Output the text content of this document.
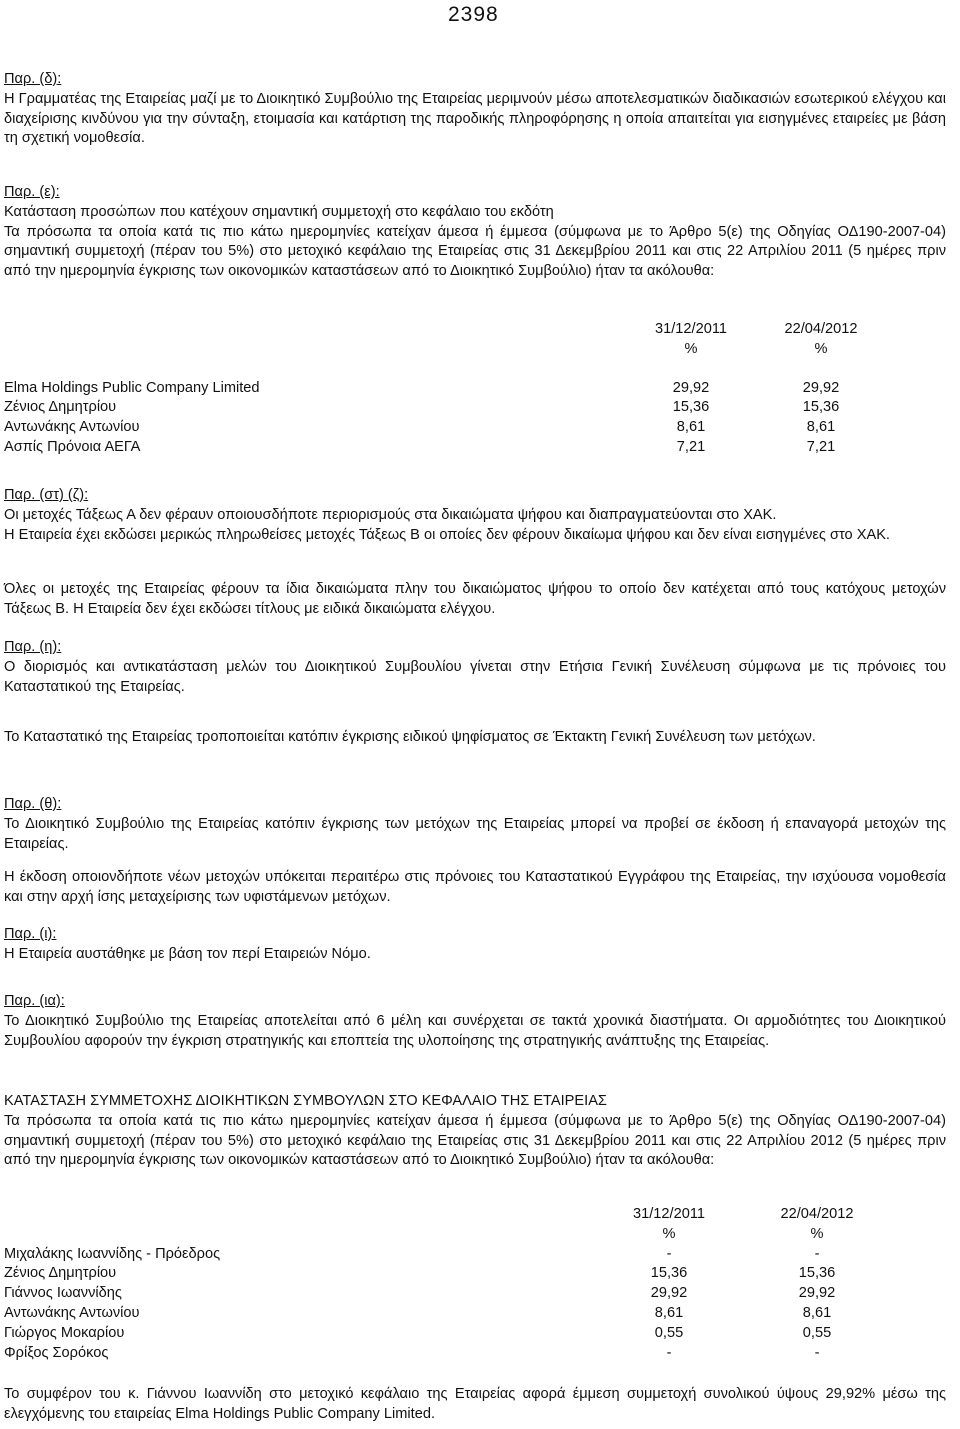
2398

Παρ. (δ):

Η Γραμματέας της Εταιρείας μαζί με το Διοικητικό Συμβούλιο της Εταιρείας μεριμνούν μέσω αποτελεσματικών διαδικασιών εσωτερικού ελέγχου και διαχείρισης κινδύνου για την σύνταξη, ετοιμασία και κατάρτιση της παροδικής πληροφόρησης η οποία απαιτείται για εισηγμένες εταιρείες με βάση τη σχετική νομοθεσία.

Παρ. (ε):

Κατάσταση προσώπων που κατέχουν σημαντική συμμετοχή στο κεφάλαιο του εκδότη

Τα πρόσωπα τα οποία κατά τις πιο κάτω ημερομηνίες κατείχαν άμεσα ή έμμεσα (σύμφωνα με το Άρθρο 5(ε) της Οδηγίας ΟΔ190-2007-04) σημαντική συμμετοχή (πέραν του 5%) στο μετοχικό κεφάλαιο της Εταιρείας στις 31 Δεκεμβρίου 2011 και στις 22 Απριλίου 2011 (5 ημέρες πριν από την ημερομηνία έγκρισης των οικονομικών καταστάσεων από το Διοικητικό Συμβούλιο) ήταν τα ακόλουθα:

31/12/2011	22/04/2012
%	%
Elma Holdings Public Company Limited	29,92	29,92
Ζένιος Δημητρίου	15,36	15,36
Αντωνάκης Αντωνίου	8,61	8,61
Ασπίς Πρόνοια ΑΕΓΑ	7,21	7,21

Παρ. (στ) (ζ):

Οι μετοχές Τάξεως Α δεν φέραυν οποιουσδήποτε περιορισμούς στα δικαιώματα ψήφου και διαπραγματεύονται στο ΧΑΚ.

Η Εταιρεία έχει εκδώσει μερικώς πληρωθείσες μετοχές Τάξεως Β οι οποίες δεν φέρουν δικαίωμα ψήφου και δεν είναι εισηγμένες στο ΧΑΚ.

Όλες οι μετοχές της Εταιρείας φέρουν τα ίδια δικαιώματα πλην του δικαιώματος ψήφου το οποίο δεν κατέχεται από τους κατόχους μετοχών Τάξεως Β. Η Εταιρεία δεν έχει εκδώσει τίτλους με ειδικά δικαιώματα ελέγχου.

Παρ. (η):

Ο διορισμός και αντικατάσταση μελών του Διοικητικού Συμβουλίου γίνεται στην Ετήσια Γενική Συνέλευση σύμφωνα με τις πρόνοιες του Καταστατικού της Εταιρείας.

Το Καταστατικό της Εταιρείας τροποποιείται κατόπιν έγκρισης ειδικού ψηφίσματος σε Έκτακτη Γενική Συνέλευση των μετόχων.

Παρ. (θ):

Το Διοικητικό Συμβούλιο της Εταιρείας κατόπιν έγκρισης των μετόχων της Εταιρείας μπορεί να προβεί σε έκδοση ή επαναγορά μετοχών της Εταιρείας.

Η έκδοση οποιονδήποτε νέων μετοχών υπόκειται περαιτέρω στις πρόνοιες του Καταστατικού Εγγράφου της Εταιρείας, την ισχύουσα νομοθεσία και στην αρχή ίσης μεταχείρισης των υφιστάμενων μετόχων.

Παρ. (ι):

Η Εταιρεία αυστάθηκε με βάση τον περί Εταιρειών Νόμο.

Παρ. (ια):

Το Διοικητικό Συμβούλιο της Εταιρείας αποτελείται από 6 μέλη και συνέρχεται σε τακτά χρονικά διαστήματα. Οι αρμοδιότητες του Διοικητικού Συμβουλίου αφορούν την έγκριση στρατηγικής και εποπτεία της υλοποίησης της στρατηγικής ανάπτυξης της Εταιρείας.

ΚΑΤΑΣΤΑΣΗ ΣΥΜΜΕΤΟΧΗΣ ΔΙΟΙΚΗΤΙΚΩΝ ΣΥΜΒΟΥΛΩΝ ΣΤΟ ΚΕΦΑΛΑΙΟ ΤΗΣ ΕΤΑΙΡΕΙΑΣ

Τα πρόσωπα τα οποία κατά τις πιο κάτω ημερομηνίες κατείχαν άμεσα ή έμμεσα (σύμφωνα με το Άρθρο 5(ε) της Οδηγίας ΟΔ190-2007-04) σημαντική συμμετοχή (πέραν του 5%) στο μετοχικό κεφάλαιο της Εταιρείας στις 31 Δεκεμβρίου 2011 και στις 22 Απριλίου 2012 (5 ημέρες πριν από την ημερομηνία έγκρισης των οικονομικών καταστάσεων από το Διοικητικό Συμβούλιο) ήταν τα ακόλουθα:

31/12/2011	22/04/2012
%	%
Μιχαλάκης Ιωαννίδης - Πρόεδρος	-	-
Ζένιος Δημητρίου	15,36	15,36
Γιάννος Ιωαννίδης	29,92	29,92
Αντωνάκης Αντωνίου	8,61	8,61
Γιώργος Μοκαρίου	0,55	0,55
Φρίξος Σορόκος	-	-

Το συμφέρον του κ. Γιάννου Ιωαννίδη στο μετοχικό κεφάλαιο της Εταιρείας αφορά έμμεση συμμετοχή συνολικού ύψους 29,92% μέσω της ελεγχόμενης του εταιρείας Elma Holdings Public Company Limited.
